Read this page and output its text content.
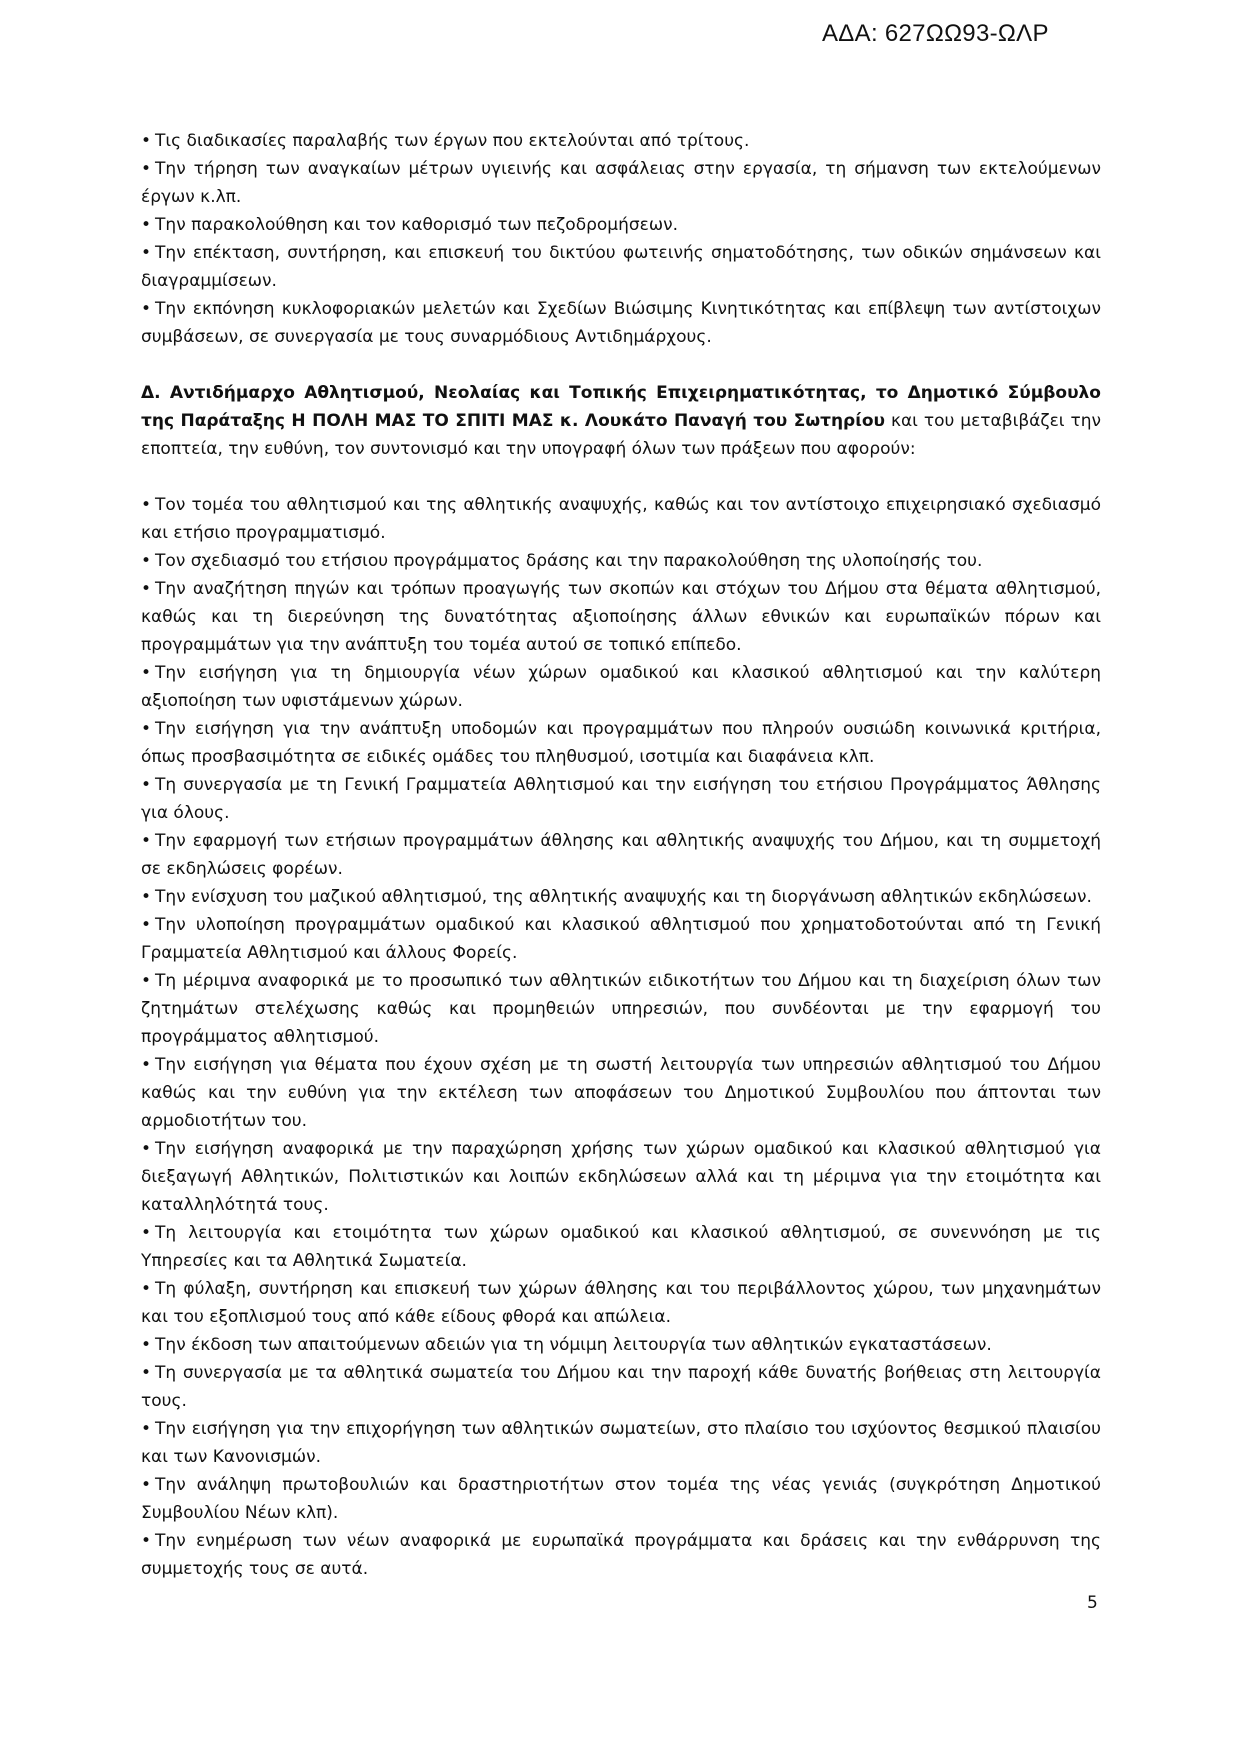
ΑΔΑ: 627ΩΩ93-ΩΛΡ
• Τις διαδικασίες παραλαβής των έργων που εκτελούνται από τρίτους.
• Την τήρηση των αναγκαίων μέτρων υγιεινής και ασφάλειας στην εργασία, τη σήμανση των εκτελούμενων έργων κ.λπ.
• Την παρακολούθηση και τον καθορισμό των πεζοδρομήσεων.
• Την επέκταση, συντήρηση, και επισκευή του δικτύου φωτεινής σηματοδότησης, των οδικών σημάνσεων και διαγραμμίσεων.
• Την εκπόνηση κυκλοφοριακών μελετών και Σχεδίων Βιώσιμης Κινητικότητας και επίβλεψη των αντίστοιχων συμβάσεων, σε συνεργασία με τους συναρμόδιους Αντιδημάρχους.
Δ. Αντιδήμαρχο Αθλητισμού, Νεολαίας και Τοπικής Επιχειρηματικότητας, το Δημοτικό Σύμβουλο της Παράταξης Η ΠΟΛΗ ΜΑΣ ΤΟ ΣΠΙΤΙ ΜΑΣ κ. Λουκάτο Παναγή του Σωτηρίου και του μεταβιβάζει την εποπτεία, την ευθύνη, τον συντονισμό και την υπογραφή όλων των πράξεων που αφορούν:
• Τον τομέα του αθλητισμού και της αθλητικής αναψυχής, καθώς και τον αντίστοιχο επιχειρησιακό σχεδιασμό και ετήσιο προγραμματισμό.
• Τον σχεδιασμό του ετήσιου προγράμματος δράσης και την παρακολούθηση της υλοποίησής του.
• Την αναζήτηση πηγών και τρόπων προαγωγής των σκοπών και στόχων του Δήμου στα θέματα αθλητισμού, καθώς και τη διερεύνηση της δυνατότητας αξιοποίησης άλλων εθνικών και ευρωπαϊκών πόρων και προγραμμάτων για την ανάπτυξη του τομέα αυτού σε τοπικό επίπεδο.
• Την εισήγηση για τη δημιουργία νέων χώρων ομαδικού και κλασικού αθλητισμού και την καλύτερη αξιοποίηση των υφιστάμενων χώρων.
• Την εισήγηση για την ανάπτυξη υποδομών και προγραμμάτων που πληρούν ουσιώδη κοινωνικά κριτήρια, όπως προσβασιμότητα σε ειδικές ομάδες του πληθυσμού, ισοτιμία και διαφάνεια κλπ.
• Τη συνεργασία με τη Γενική Γραμματεία Αθλητισμού και την εισήγηση του ετήσιου Προγράμματος Άθλησης για όλους.
• Την εφαρμογή των ετήσιων προγραμμάτων άθλησης και αθλητικής αναψυχής του Δήμου, και τη συμμετοχή σε εκδηλώσεις φορέων.
• Την ενίσχυση του μαζικού αθλητισμού, της αθλητικής αναψυχής και τη διοργάνωση αθλητικών εκδηλώσεων.
• Την υλοποίηση προγραμμάτων ομαδικού και κλασικού αθλητισμού που χρηματοδοτούνται από τη Γενική Γραμματεία Αθλητισμού και άλλους Φορείς.
• Τη μέριμνα αναφορικά με το προσωπικό των αθλητικών ειδικοτήτων του Δήμου και τη διαχείριση όλων των ζητημάτων στελέχωσης καθώς και προμηθειών υπηρεσιών, που συνδέονται με την εφαρμογή του προγράμματος αθλητισμού.
• Την εισήγηση για θέματα που έχουν σχέση με τη σωστή λειτουργία των υπηρεσιών αθλητισμού του Δήμου καθώς και την ευθύνη για την εκτέλεση των αποφάσεων του Δημοτικού Συμβουλίου που άπτονται των αρμοδιοτήτων του.
• Την εισήγηση αναφορικά με την παραχώρηση χρήσης των χώρων ομαδικού και κλασικού αθλητισμού για διεξαγωγή Αθλητικών, Πολιτιστικών και λοιπών εκδηλώσεων αλλά και τη μέριμνα για την ετοιμότητα και καταλληλότητά τους.
• Τη λειτουργία και ετοιμότητα των χώρων ομαδικού και κλασικού αθλητισμού, σε συνεννόηση με τις Υπηρεσίες και τα Αθλητικά Σωματεία.
• Τη φύλαξη, συντήρηση και επισκευή των χώρων άθλησης και του περιβάλλοντος χώρου, των μηχανημάτων και του εξοπλισμού τους από κάθε είδους φθορά και απώλεια.
• Την έκδοση των απαιτούμενων αδειών για τη νόμιμη λειτουργία των αθλητικών εγκαταστάσεων.
• Τη συνεργασία με τα αθλητικά σωματεία του Δήμου και την παροχή κάθε δυνατής βοήθειας στη λειτουργία τους.
• Την εισήγηση για την επιχορήγηση των αθλητικών σωματείων, στο πλαίσιο του ισχύοντος θεσμικού πλαισίου και των Κανονισμών.
• Την ανάληψη πρωτοβουλιών και δραστηριοτήτων στον τομέα της νέας γενιάς (συγκρότηση Δημοτικού Συμβουλίου Νέων κλπ).
• Την ενημέρωση των νέων αναφορικά με ευρωπαϊκά προγράμματα και δράσεις και την ενθάρρυνση της συμμετοχής τους σε αυτά.
5
